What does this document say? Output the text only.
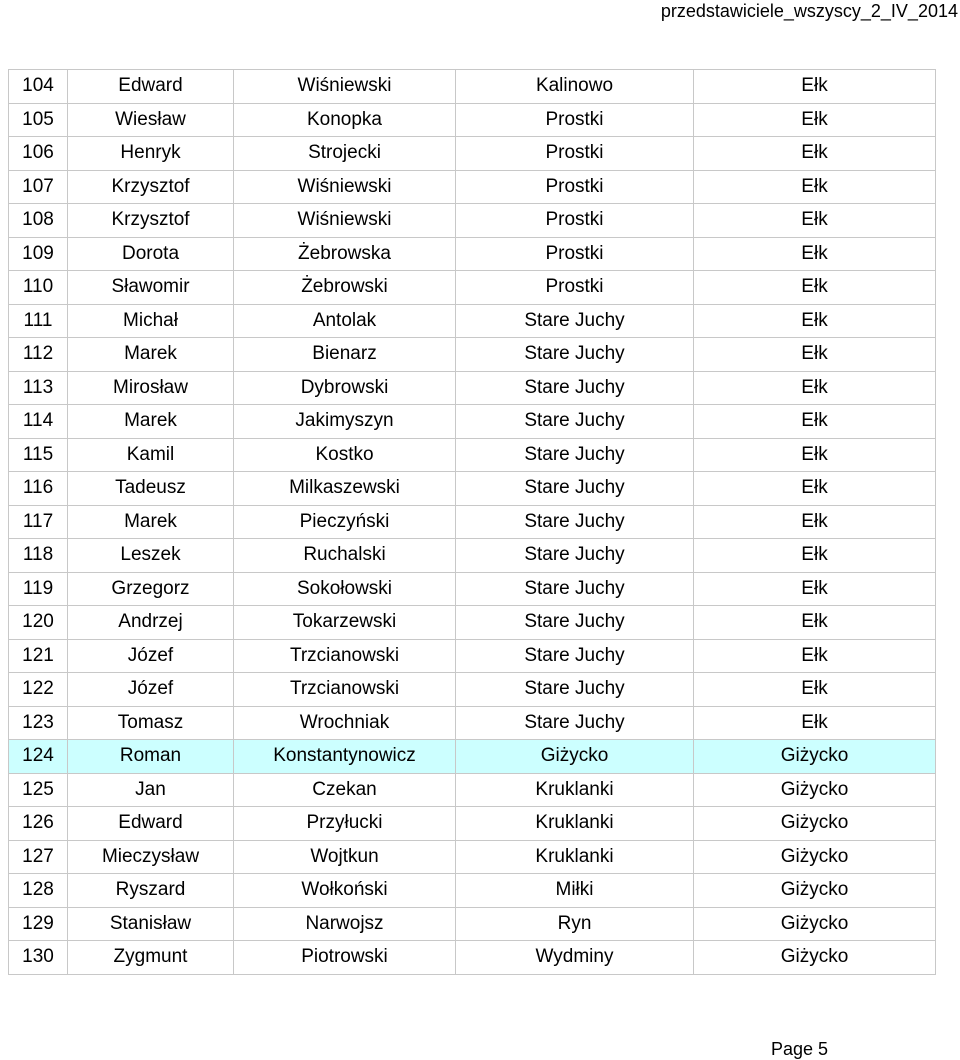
przedstawiciele_wszyscy_2_IV_2014
104	Edward	Wiśniewski	Kalinowo	Ełk
105	Wiesław	Konopka	Prostki	Ełk
106	Henryk	Strojecki	Prostki	Ełk
107	Krzysztof	Wiśniewski	Prostki	Ełk
108	Krzysztof	Wiśniewski	Prostki	Ełk
109	Dorota	Żebrowska	Prostki	Ełk
110	Sławomir	Żebrowski	Prostki	Ełk
111	Michał	Antolak	Stare Juchy	Ełk
112	Marek	Bienarz	Stare Juchy	Ełk
113	Mirosław	Dybrowski	Stare Juchy	Ełk
114	Marek	Jakimyszyn	Stare Juchy	Ełk
115	Kamil	Kostko	Stare Juchy	Ełk
116	Tadeusz	Milkaszewski	Stare Juchy	Ełk
117	Marek	Pieczyński	Stare Juchy	Ełk
118	Leszek	Ruchalski	Stare Juchy	Ełk
119	Grzegorz	Sokołowski	Stare Juchy	Ełk
120	Andrzej	Tokarzewski	Stare Juchy	Ełk
121	Józef	Trzcianowski	Stare Juchy	Ełk
122	Józef	Trzcianowski	Stare Juchy	Ełk
123	Tomasz	Wrochniak	Stare Juchy	Ełk
124	Roman	Konstantynowicz	Giżycko	Giżycko
125	Jan	Czekan	Kruklanki	Giżycko
126	Edward	Przyłucki	Kruklanki	Giżycko
127	Mieczysław	Wojtkun	Kruklanki	Giżycko
128	Ryszard	Wołkoński	Miłki	Giżycko
129	Stanisław	Narwojsz	Ryn	Giżycko
130	Zygmunt	Piotrowski	Wydminy	Giżycko
Page 5
